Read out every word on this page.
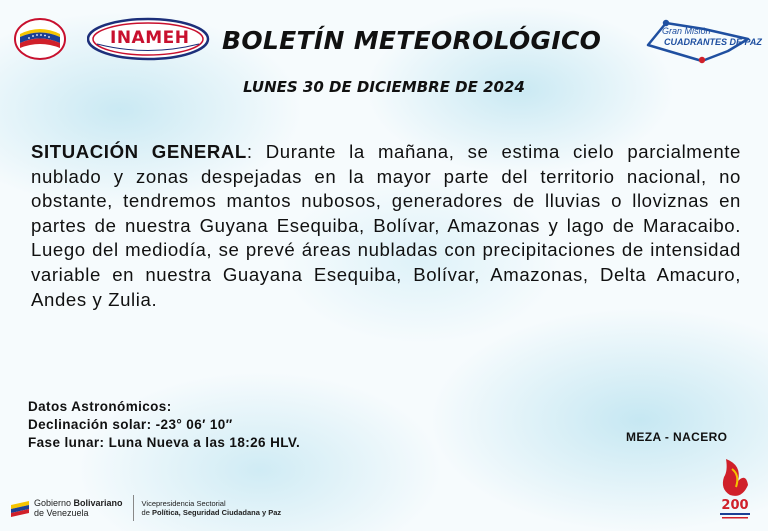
INAMEH BOLETÍN METEOROLÓGICO	Gran Misión
CUADRANTES DE PAZ
LUNES 30 DE DICIEMBRE DE 2024
SITUACIÓN GENERAL: Durante la mañana, se estima cielo parcialmente nublado y zonas despejadas en la mayor parte del territorio nacional, no obstante, tendremos mantos nubosos, generadores de lluvias o lloviznas en partes de nuestra Guyana Esequiba, Bolívar, Amazonas y lago de Maracaibo. Luego del mediodía, se prevé áreas nubladas con precipitaciones de intensidad variable en nuestra Guayana Esequiba, Bolívar, Amazonas, Delta Amacuro, Andes y Zulia.
Datos Astronómicos:
Declinación solar: -23° 06′ 10″
Fase lunar: Luna Nueva a las 18:26 HLV.	MEZA - NACERO
Gobierno Bolivariano
de Venezuela
Vicepresidencia Sectorial
de Política, Seguridad Ciudadana y Paz	200
